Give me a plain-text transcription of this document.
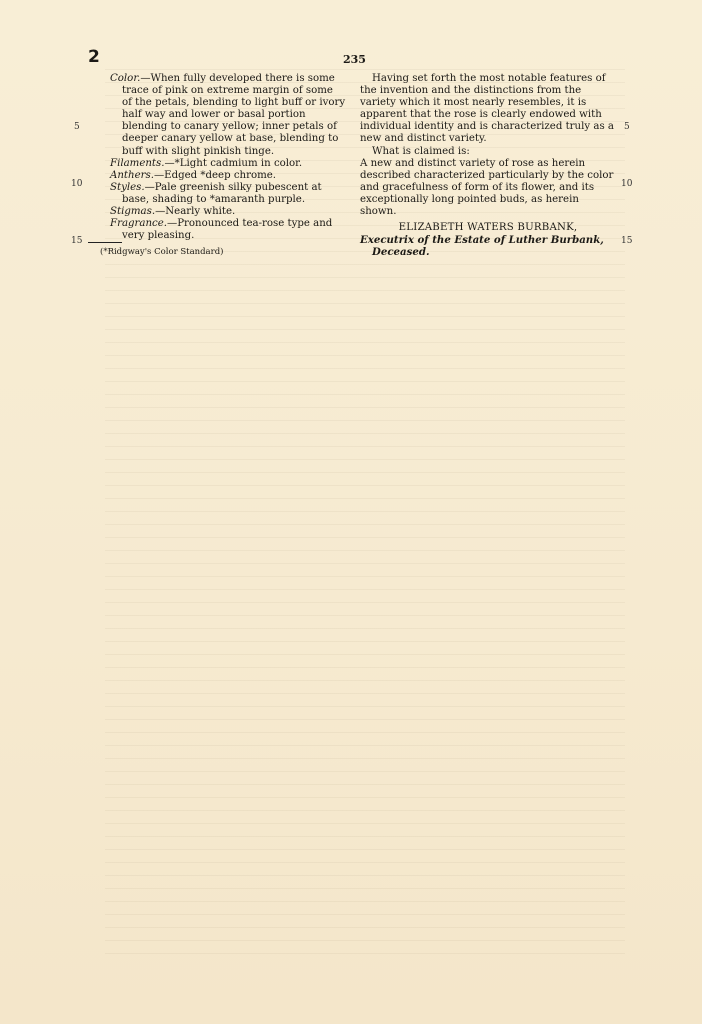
2	235
5
10
15
5
10
15

Color.—When fully developed there is some trace of pink on extreme margin of some of the petals, blending to light buff or ivory half way and lower or basal portion blending to canary yellow; inner petals of deeper canary yellow at base, blending to buff with slight pinkish tinge.

Filaments.—*Light cadmium in color.

Anthers.—Edged *deep chrome.

Styles.—Pale greenish silky pubescent at base, shading to *amaranth purple.

Stigmas.—Nearly white.

Fragrance.—Pronounced tea-rose type and very pleasing.

(*Ridgway's Color Standard)

Having set forth the most notable features of the invention and the distinctions from the variety which it most nearly resembles, it is apparent that the rose is clearly endowed with individual identity and is characterized truly as a new and distinct variety.

What is claimed is:

A new and distinct variety of rose as herein described characterized particularly by the color and gracefulness of form of its flower, and its exceptionally long pointed buds, as herein shown.

ELIZABETH WATERS BURBANK,

Executrix of the Estate of Luther Burbank, Deceased.
